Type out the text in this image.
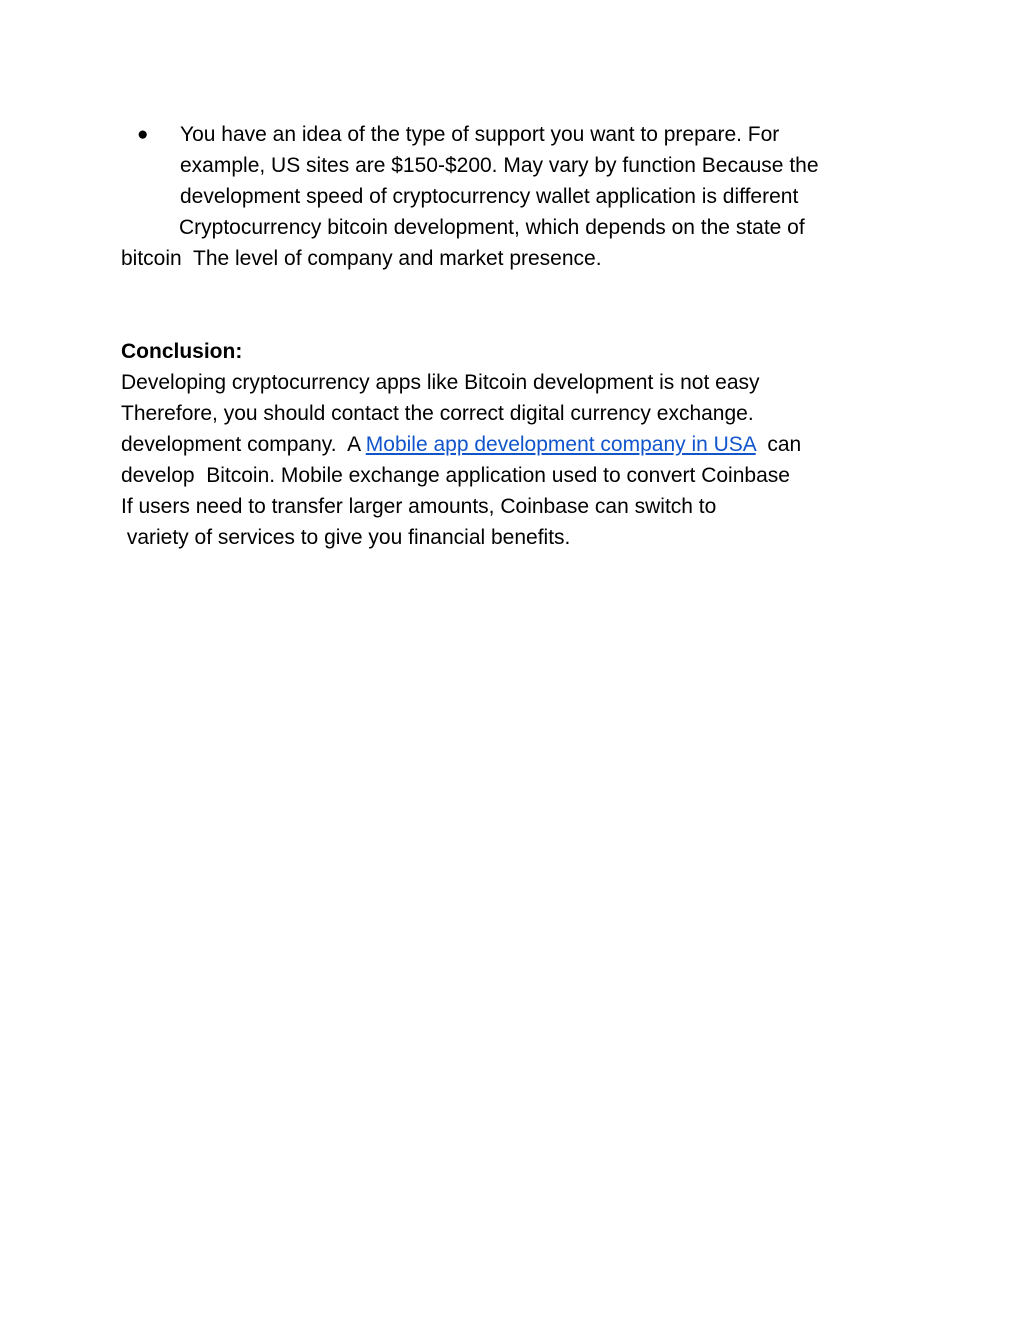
● You have an idea of the type of support you want to prepare. For
example, US sites are $150-$200. May vary by function Because the
development speed of cryptocurrency wallet application is different
Cryptocurrency bitcoin development, which depends on the state of
bitcoin  The level of company and market presence.
Conclusion:
Developing cryptocurrency apps like Bitcoin development is not easy
Therefore, you should contact the correct digital currency exchange.
development company.  A Mobile app development company in USA  can
develop  Bitcoin. Mobile exchange application used to convert Coinbase
If users need to transfer larger amounts, Coinbase can switch to
variety of services to give you financial benefits.
